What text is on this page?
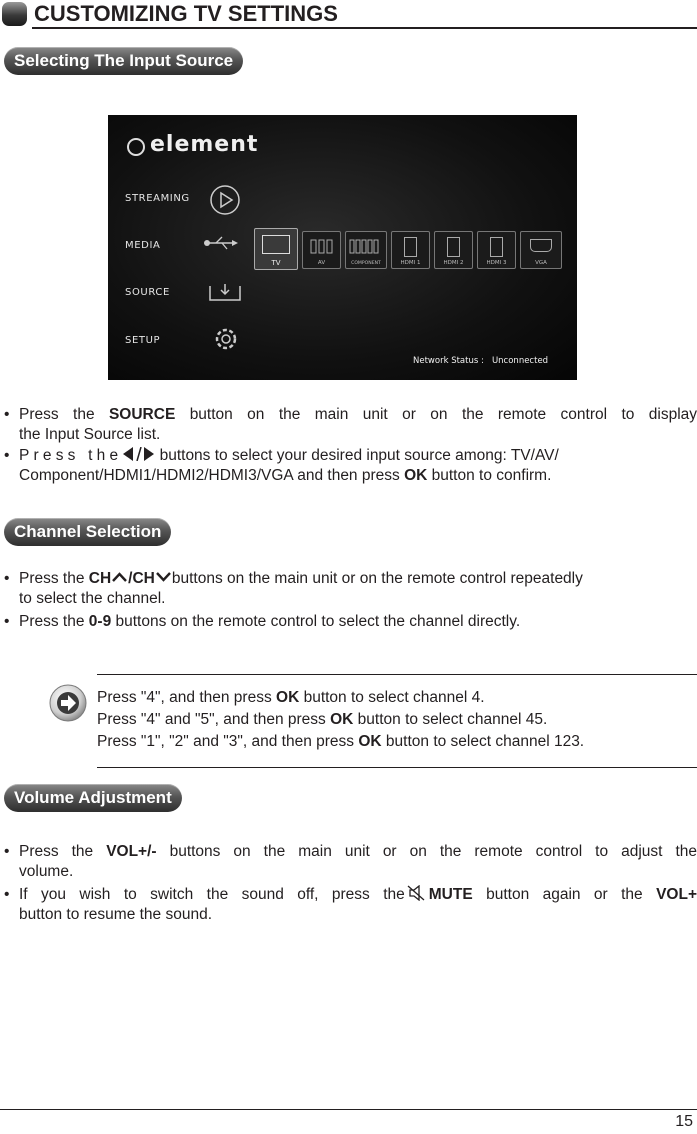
CUSTOMIZING TV SETTINGS
Selecting The Input Source
element
STREAMING
MEDIA
SOURCE
SETUP
TV	AV	COMPONENT	HDMI 1	HDMI 2	HDMI 3	VGA
Network Status :   Unconnected
• Press the SOURCE button on the main unit or on the remote control to display
the Input Source list.
• Press the buttons to select your desired input source among: TV/AV/
Component/HDMI1/HDMI2/HDMI3/VGA and then press OK button to confirm.
Channel Selection
• Press the CH /CH buttons on the main unit or on the remote control repeatedly
to select the channel.
• Press the 0-9 buttons on the remote control to select the channel directly.
Press "4", and then press OK button to select channel 4.
Press "4" and "5", and then press OK button to select channel 45.
Press "1", "2" and "3", and then press OK button to select channel 123.
Volume Adjustment
• Press the VOL+/- buttons on the main unit or on the remote control to adjust the
volume.
• If you wish to switch the sound off, press the MUTE button again or the VOL+
button to resume the sound.
15
